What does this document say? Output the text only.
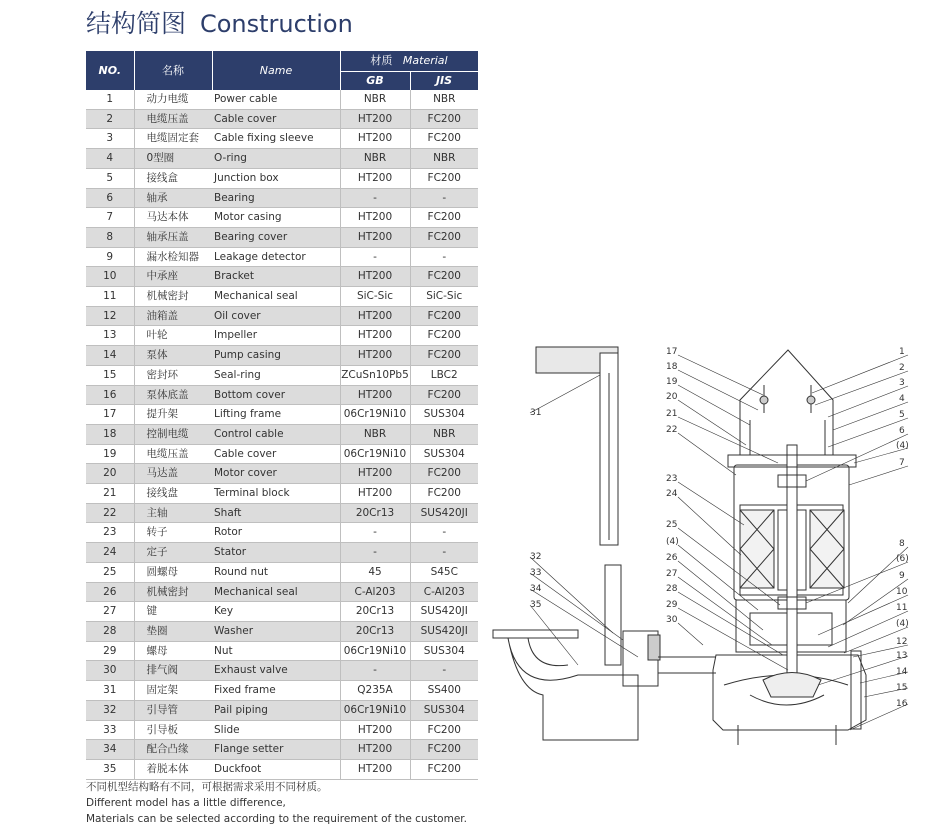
结构简图 Construction
NO.	名称	Name	材质 Material	
			GB	JIS
1	动力电缆	Power cable	NBR	NBR
2	电缆压盖	Cable cover	HT200	FC200
3	电缆固定套	Cable fixing sleeve	HT200	FC200
4	0型圈	O-ring	NBR	NBR
5	接线盒	Junction box	HT200	FC200
6	轴承	Bearing	-	-
7	马达本体	Motor casing	HT200	FC200
8	轴承压盖	Bearing cover	HT200	FC200
9	漏水检知器	Leakage detector	-	-
10	中承座	Bracket	HT200	FC200
11	机械密封	Mechanical seal	SiC-Sic	SiC-Sic
12	油箱盖	Oil cover	HT200	FC200
13	叶轮	Impeller	HT200	FC200
14	泵体	Pump casing	HT200	FC200
15	密封环	Seal-ring	ZCuSn10Pb5	LBC2
16	泵体底盖	Bottom cover	HT200	FC200
17	提升架	Lifting frame	06Cr19Ni10	SUS304
18	控制电缆	Control cable	NBR	NBR
19	电缆压盖	Cable cover	06Cr19Ni10	SUS304
20	马达盖	Motor cover	HT200	FC200
21	接线盘	Terminal block	HT200	FC200
22	主轴	Shaft	20Cr13	SUS420JI
23	转子	Rotor	-	-
24	定子	Stator	-	-
25	圆螺母	Round nut	45	S45C
26	机械密封	Mechanical seal	C-Al203	C-Al203
27	键	Key	20Cr13	SUS420JI
28	垫圈	Washer	20Cr13	SUS420JI
29	螺母	Nut	06Cr19Ni10	SUS304
30	排气阀	Exhaust valve	-	-
31	固定架	Fixed frame	Q235A	SS400
32	引导管	Pail piping	06Cr19Ni10	SUS304
33	引导板	Slide	HT200	FC200
34	配合凸缘	Flange setter	HT200	FC200
35	着脱本体	Duckfoot	HT200	FC200
不同机型结构略有不同，可根据需求采用不同材质。
Different model has a little difference,
Materials can be selected according to the requirement of the customer.
17
18
19
20
21
22
23
24
25
(4)
26
27
28
29
30
1
2
3
4
5
6
(4)
7
8
(6)
9
10
11
(4)
12
13
14
15
16
31
32
33
34
35
